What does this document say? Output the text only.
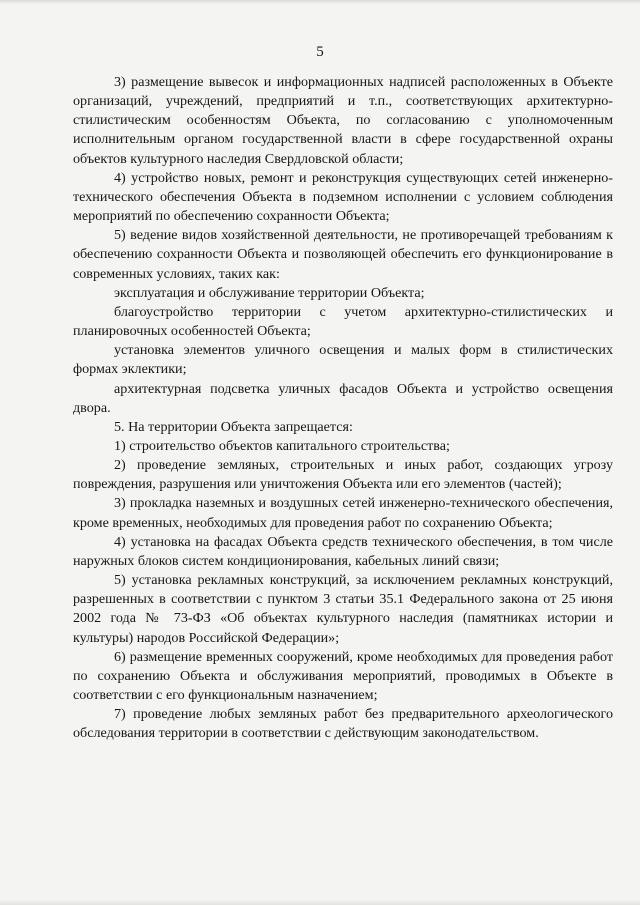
5

3) размещение вывесок и информационных надписей расположенных в Объекте организаций, учреждений, предприятий и т.п., соответствующих архитектурно-стилистическим особенностям Объекта, по согласованию с уполномоченным исполнительным органом государственной власти в сфере государственной охраны объектов культурного наследия Свердловской области;

4) устройство новых, ремонт и реконструкция существующих сетей инженерно-технического обеспечения Объекта в подземном исполнении с условием соблюдения мероприятий по обеспечению сохранности Объекта;

5) ведение видов хозяйственной деятельности, не противоречащей требованиям к обеспечению сохранности Объекта и позволяющей обеспечить его функционирование в современных условиях, таких как:

эксплуатация и обслуживание территории Объекта;

благоустройство территории с учетом архитектурно-стилистических и планировочных особенностей Объекта;

установка элементов уличного освещения и малых форм в стилистических формах эклектики;

архитектурная подсветка уличных фасадов Объекта и устройство освещения двора.

5. На территории Объекта запрещается:

1) строительство объектов капитального строительства;

2) проведение земляных, строительных и иных работ, создающих угрозу повреждения, разрушения или уничтожения Объекта или его элементов (частей);

3) прокладка наземных и воздушных сетей инженерно-технического обеспечения, кроме временных, необходимых для проведения работ по сохранению Объекта;

4) установка на фасадах Объекта средств технического обеспечения, в том числе наружных блоков систем кондиционирования, кабельных линий связи;

5) установка рекламных конструкций, за исключением рекламных конструкций, разрешенных в соответствии с пунктом 3 статьи 35.1 Федерального закона от 25 июня 2002 года № 73-ФЗ «Об объектах культурного наследия (памятниках истории и культуры) народов Российской Федерации»;

6) размещение временных сооружений, кроме необходимых для проведения работ по сохранению Объекта и обслуживания мероприятий, проводимых в Объекте в соответствии с его функциональным назначением;

7) проведение любых земляных работ без предварительного археологического обследования территории в соответствии с действующим законодательством.
